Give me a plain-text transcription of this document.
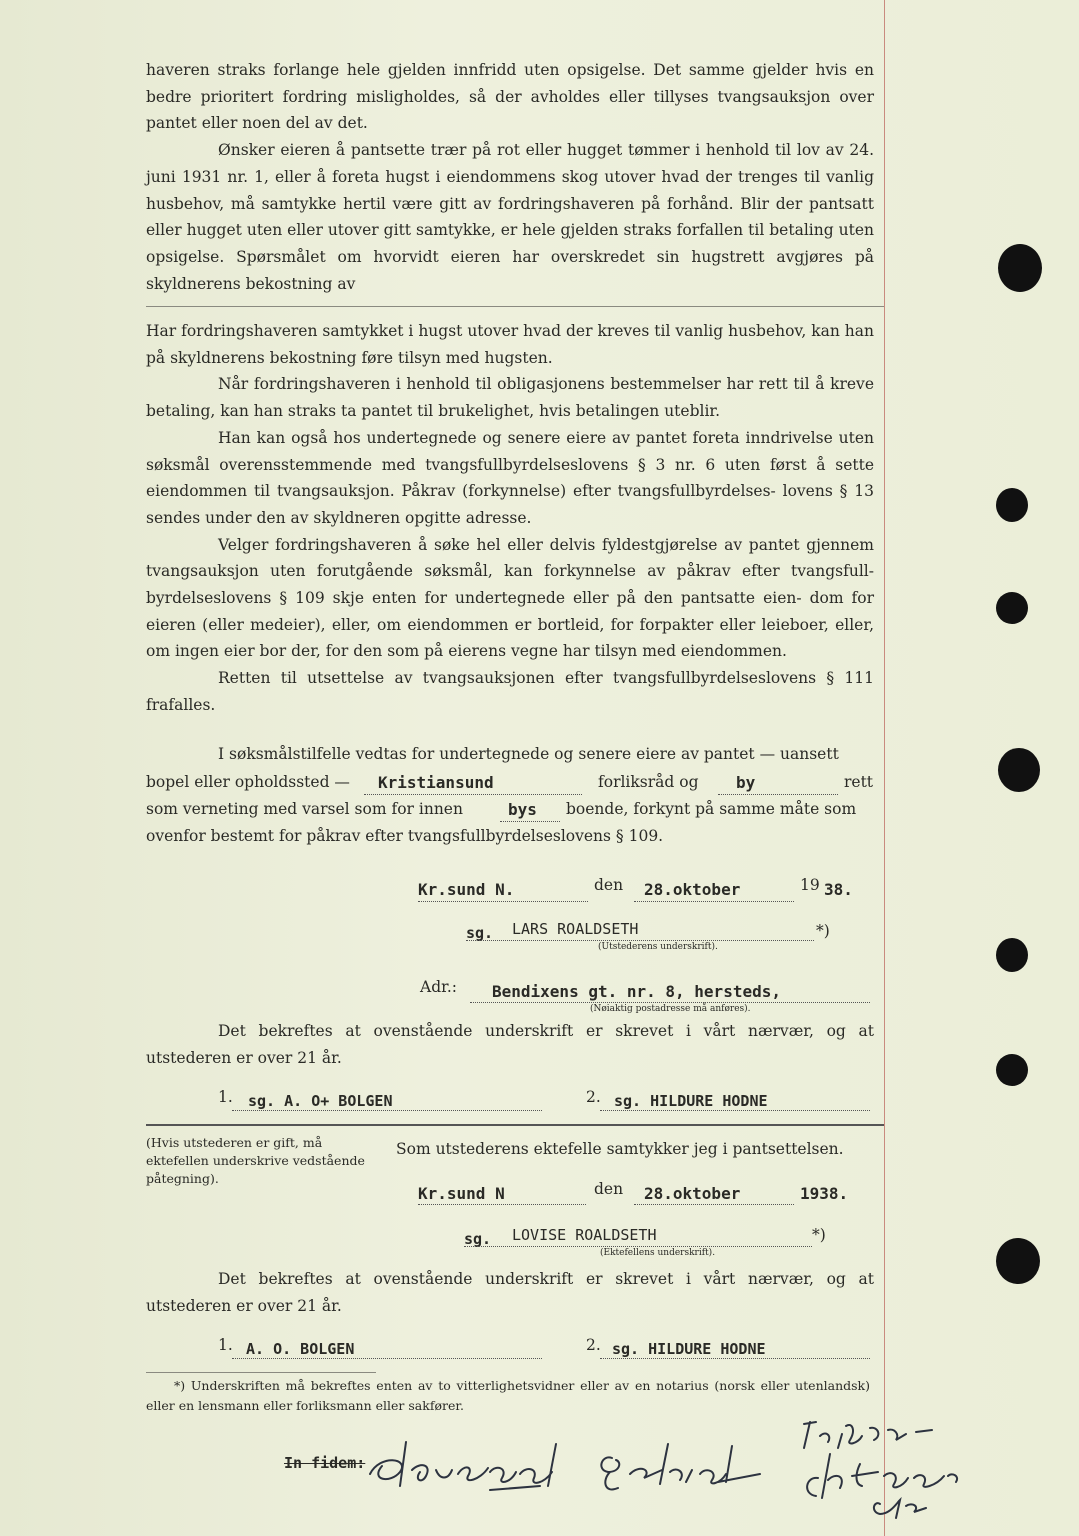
haveren straks forlange hele gjelden innfridd uten opsigelse. Det samme gjelder hvis en bedre prioritert fordring misligholdes, så der avholdes eller tillyses tvangsauksjon over pantet eller noen del av det.

Ønsker eieren å pantsette trær på rot eller hugget tømmer i henhold til lov av 24. juni 1931 nr. 1, eller å foreta hugst i eiendommens skog utover hvad der trenges til vanlig husbehov, må samtykke hertil være gitt av fordringshaveren på forhånd. Blir der pantsatt eller hugget uten eller utover gitt samtykke, er hele gjelden straks forfallen til betaling uten opsigelse. Spørsmålet om hvorvidt eieren har overskredet sin hugstrett avgjøres på skyldnerens bekostning av

Har fordringshaveren samtykket i hugst utover hvad der kreves til vanlig husbehov, kan han på skyldnerens bekostning føre tilsyn med hugsten.

Når fordringshaveren i henhold til obligasjonens bestemmelser har rett til å kreve betaling, kan han straks ta pantet til brukelighet, hvis betalingen uteblir.

Han kan også hos undertegnede og senere eiere av pantet foreta inndrivelse uten søksmål overensstemmende med tvangsfullbyrdelseslovens § 3 nr. 6 uten først å sette eiendommen til tvangsauksjon. Påkrav (forkynnelse) efter tvangsfullbyrdelses- lovens § 13 sendes under den av skyldneren opgitte adresse.

Velger fordringshaveren å søke hel eller delvis fyldestgjørelse av pantet gjennem tvangsauksjon uten forutgående søksmål, kan forkynnelse av påkrav efter tvangsfull- byrdelseslovens § 109 skje enten for undertegnede eller på den pantsatte eien- dom for eieren (eller medeier), eller, om eiendommen er bortleid, for forpakter eller leieboer, eller, om ingen eier bor der, for den som på eierens vegne har tilsyn med eiendommen.

Retten til utsettelse av tvangsauksjonen efter tvangsfullbyrdelseslovens § 111 frafalles.

I søksmålstilfelle vedtas for undertegnede og senere eiere av pantet — uansett
bopel eller opholdssted — Kristiansund	forliksråd og by	rett
som verneting med varsel som for innen	bys boende, forkynt på samme måte som
ovenfor bestemt for påkrav efter tvangsfullbyrdelseslovens § 109.
Kr.sund N.	den 28.oktober	19 38.
sg. LARS ROALDSETH	*)
(Utstederens underskrift).
Adr.: Bendixens gt. nr. 8, hersteds,
(Nøiaktig postadresse må anføres).

Det bekreftes at ovenstående underskrift er skrevet i vårt nærvær, og at utstederen er over 21 år.

1. sg. A. O+ BOLGEN	2. sg. HILDURE HODNE
(Hvis utstederen er gift, må ektefellen underskrive vedstående påtegning).
Som utstederens ektefelle samtykker jeg i pantsettelsen.
Kr.sund N	den 28.oktober	1938.
sg. LOVISE ROALDSETH	*)
(Ektefellens underskrift).

Det bekreftes at ovenstående underskrift er skrevet i vårt nærvær, og at utstederen er over 21 år.

1. A. O. BOLGEN	2. sg. HILDURE HODNE
*) Underskriften må bekreftes enten av to vitterlighetsvidner eller av en notarius (norsk eller utenlandsk) eller en lensmann eller forliksmann eller sakfører.
In fidem:
